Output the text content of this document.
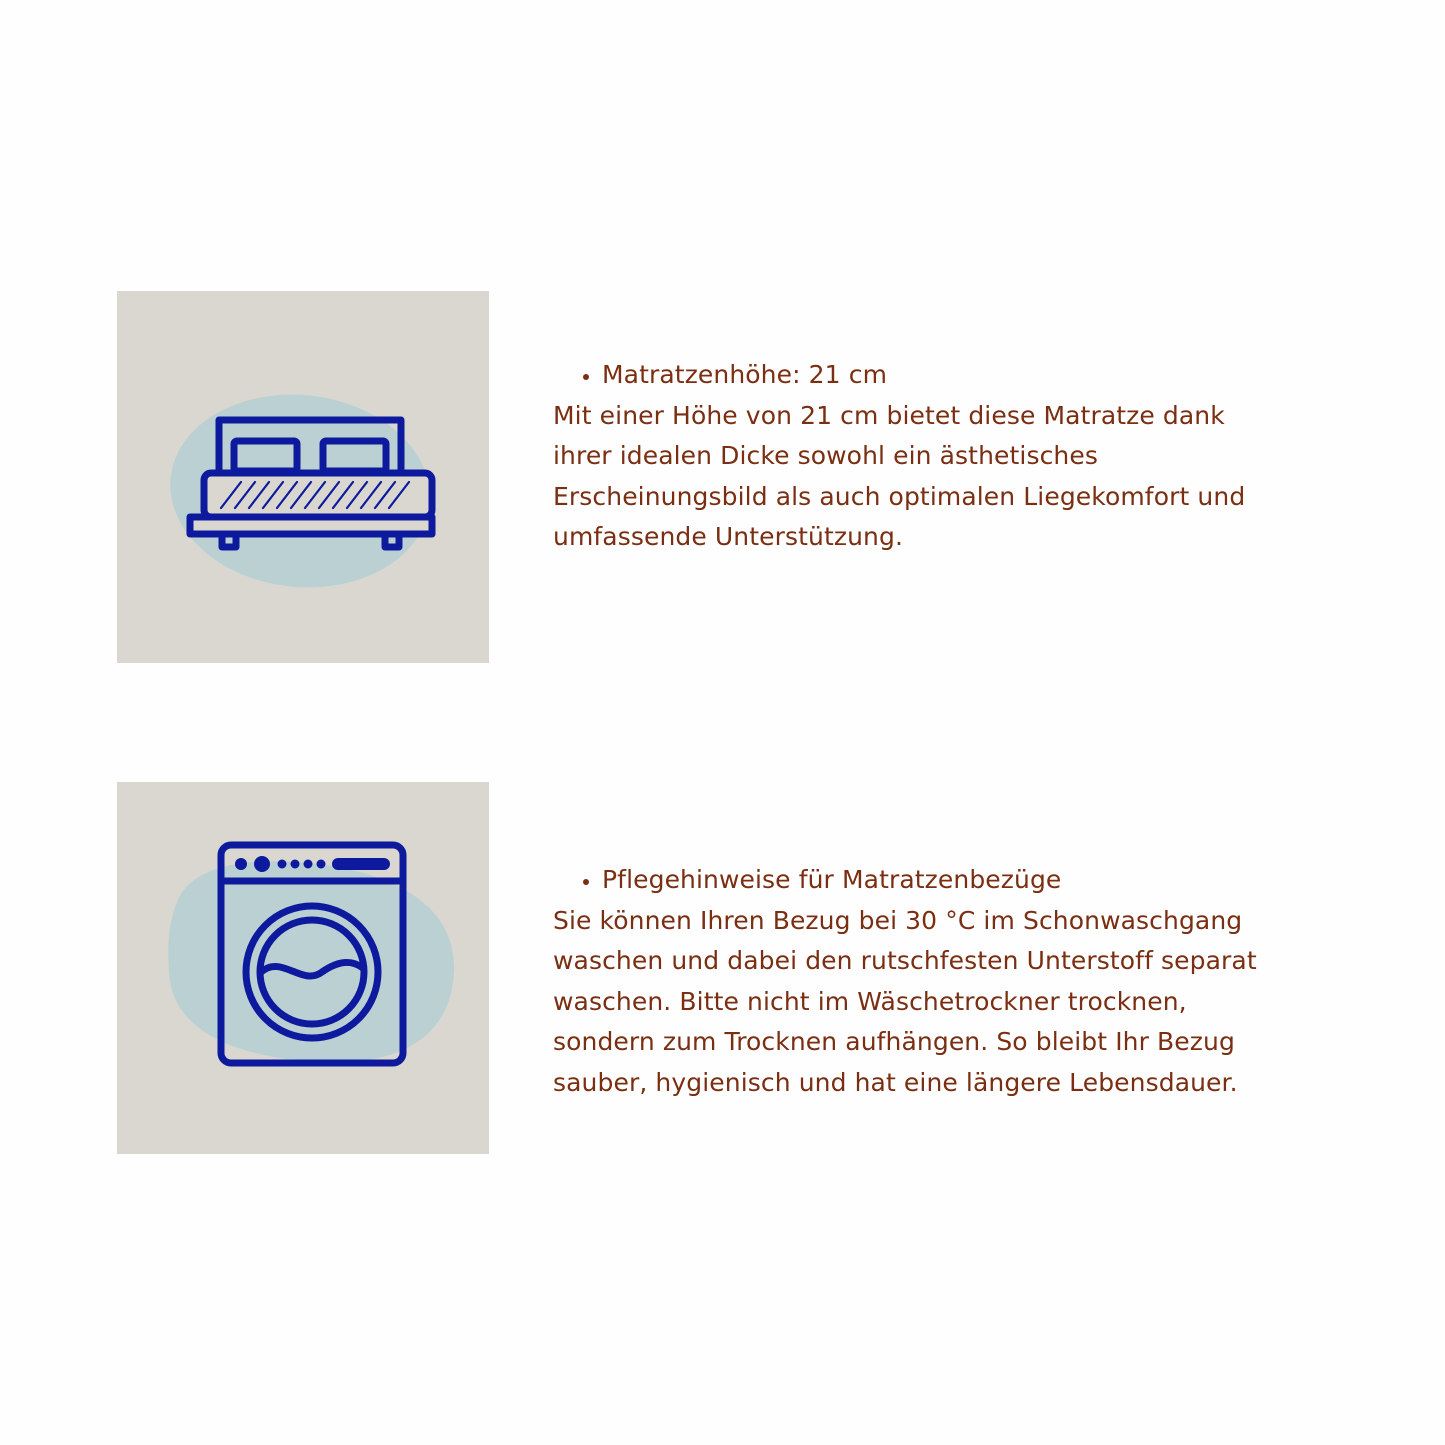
• Matratzenhöhe: 21 cm

Mit einer Höhe von 21 cm bietet diese Matratze dank
ihrer idealen Dicke sowohl ein ästhetisches
Erscheinungsbild als auch optimalen Liegekomfort und
umfassende Unterstützung.

• Pflegehinweise für Matratzenbezüge

Sie können Ihren Bezug bei 30 °C im Schonwaschgang
waschen und dabei den rutschfesten Unterstoff separat
waschen. Bitte nicht im Wäschetrockner trocknen,
sondern zum Trocknen aufhängen. So bleibt Ihr Bezug
sauber, hygienisch und hat eine längere Lebensdauer.
